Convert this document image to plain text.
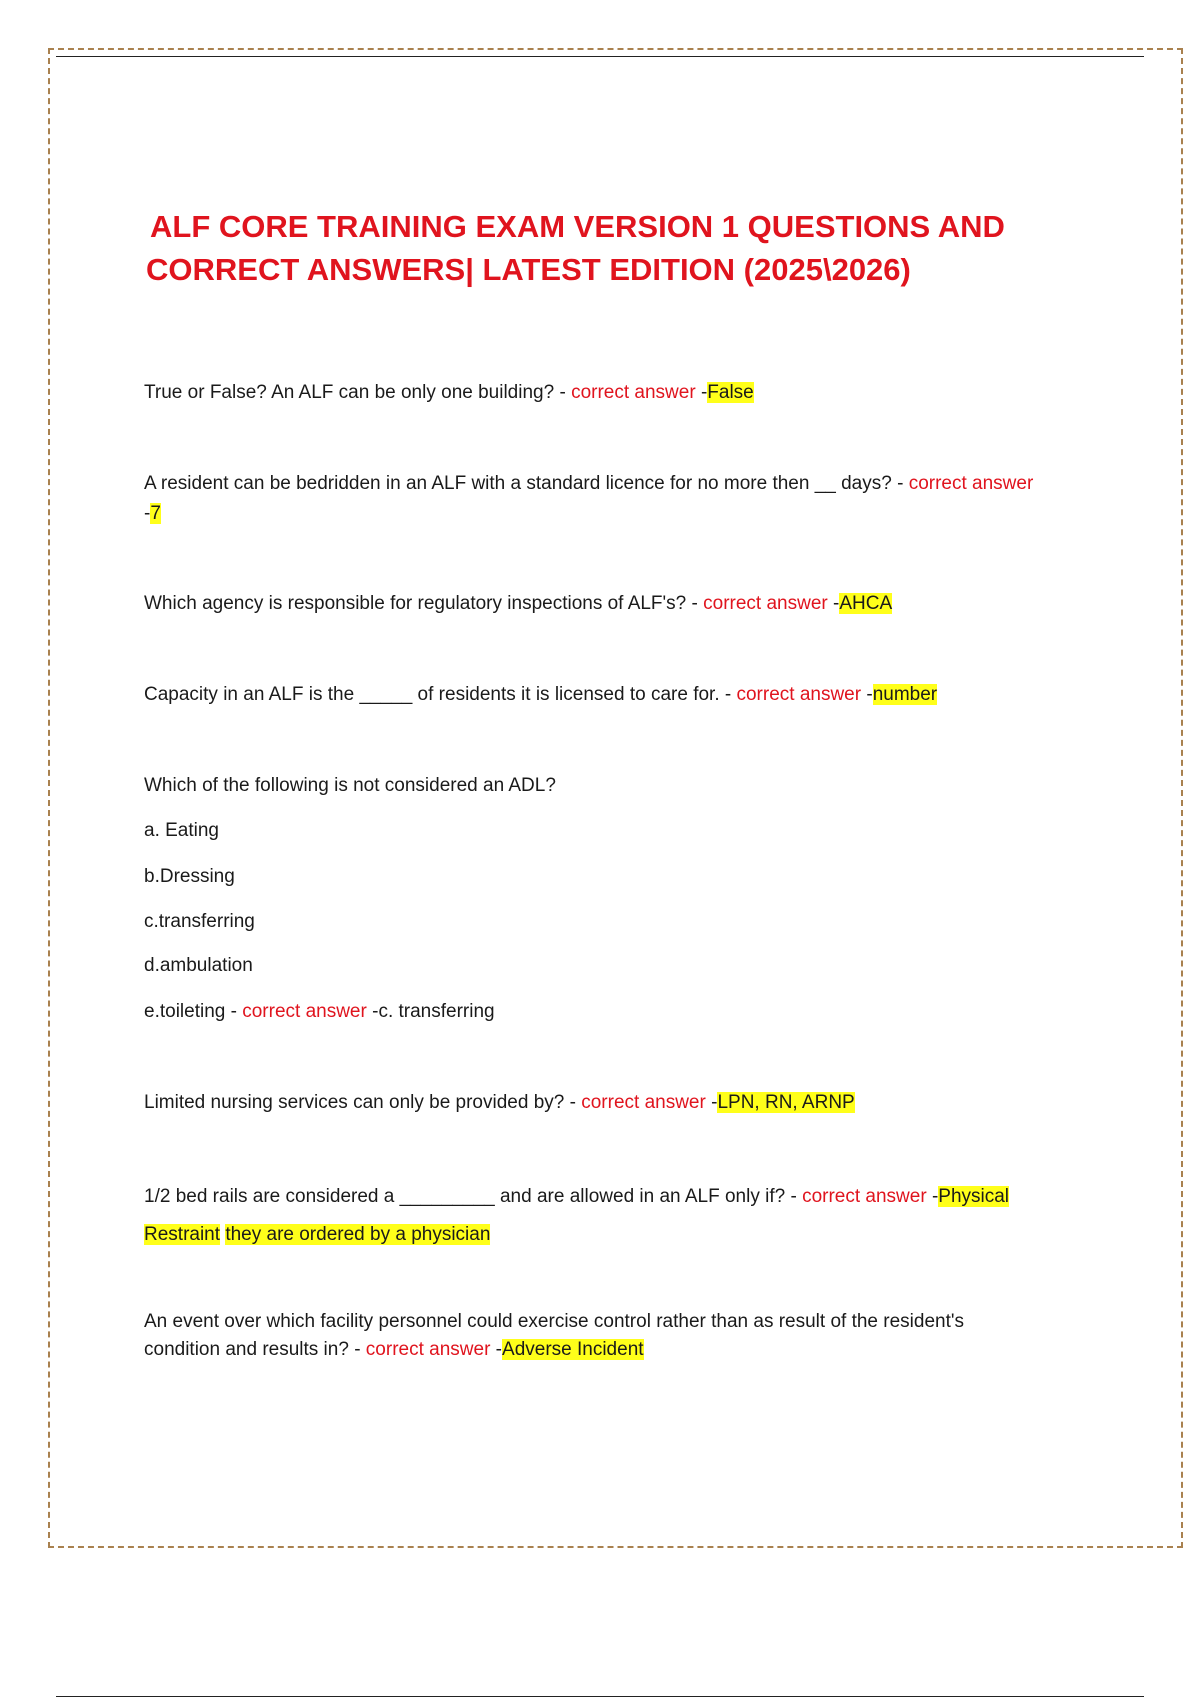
ALF CORE TRAINING EXAM VERSION 1 QUESTIONS AND
CORRECT ANSWERS| LATEST EDITION (2025\2026)

True or False? An ALF can be only one building? - correct answer -False

A resident can be bedridden in an ALF with a standard licence for no more then __ days? - correct answer -7

Which agency is responsible for regulatory inspections of ALF's? - correct answer -AHCA

Capacity in an ALF is the _____ of residents it is licensed to care for. - correct answer -number

Which of the following is not considered an ADL?

a. Eating

b.Dressing

c.transferring

d.ambulation

e.toileting - correct answer -c. transferring

Limited nursing services can only be provided by? - correct answer -LPN, RN, ARNP

1/2 bed rails are considered a _________ and are allowed in an ALF only if? - correct answer -Physical
Restraint they are ordered by a physician

An event over which facility personnel could exercise control rather than as result of the resident's condition and results in? - correct answer -Adverse Incident
